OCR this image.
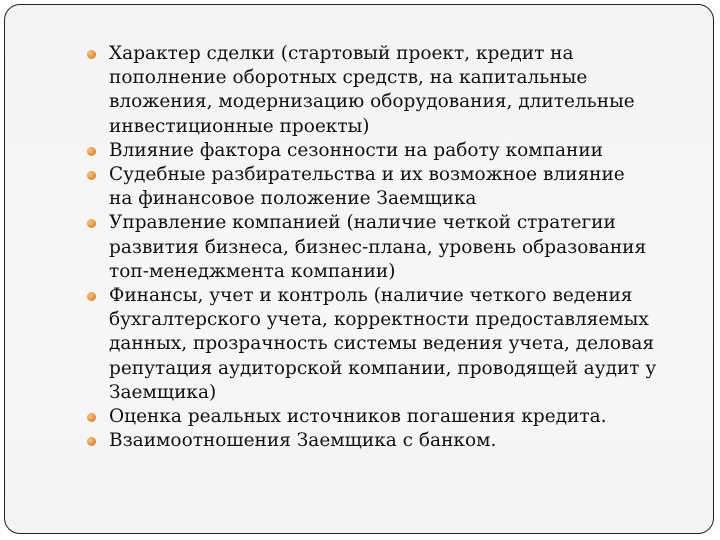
Характер сделки (стартовый проект, кредит на
пополнение оборотных средств, на капитальные
вложения, модернизацию оборудования, длительные
инвестиционные проекты)
Влияние фактора сезонности на работу компании
Судебные разбирательства и их возможное влияние
на финансовое положение Заемщика
Управление компанией (наличие четкой стратегии
развития бизнеса, бизнес-плана, уровень образования
топ-менеджмента компании)
Финансы, учет и контроль (наличие четкого ведения
бухгалтерского учета, корректности предоставляемых
данных, прозрачность системы ведения учета, деловая
репутация аудиторской компании, проводящей аудит у
Заемщика)
Оценка реальных источников погашения кредита.
Взаимоотношения Заемщика с банком.
